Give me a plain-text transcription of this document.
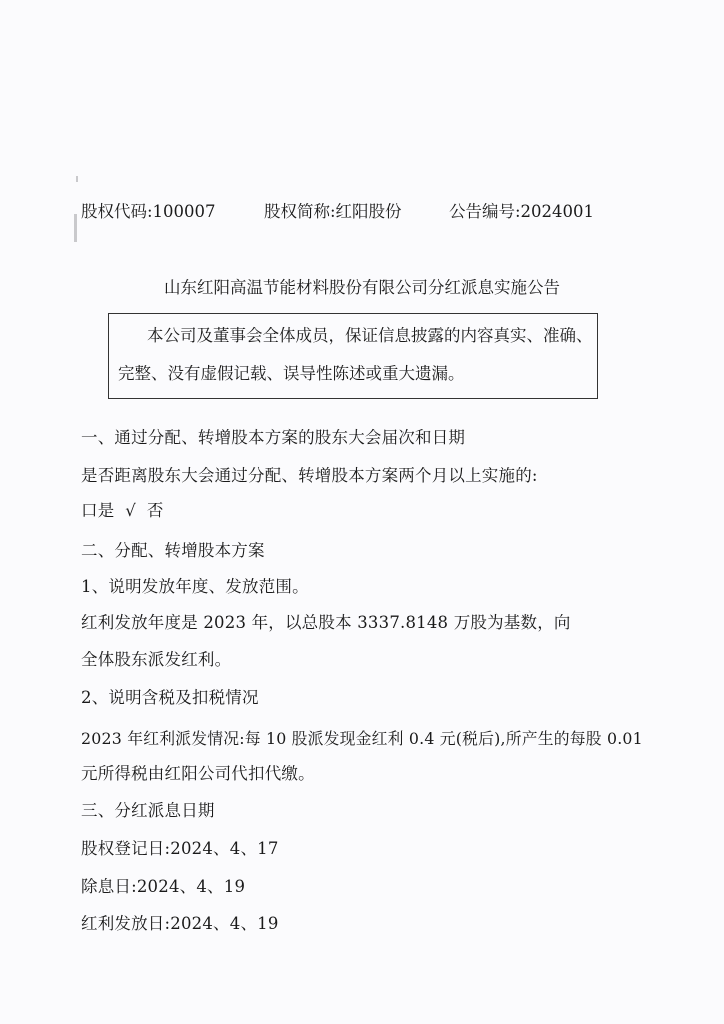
股权代码:100007	股权简称:红阳股份	公告编号:2024001
山东红阳高温节能材料股份有限公司分红派息实施公告
本公司及董事会全体成员，保证信息披露的内容真实、准确、
完整、没有虚假记载、误导性陈述或重大遗漏。
一、通过分配、转增股本方案的股东大会届次和日期
是否距离股东大会通过分配、转增股本方案两个月以上实施的:
口是  √  否
二、分配、转增股本方案
1、说明发放年度、发放范围。
红利发放年度是 2023 年，以总股本 3337.8148 万股为基数，向
全体股东派发红利。
2、说明含税及扣税情况
2023 年红利派发情况:每 10 股派发现金红利 0.4 元(税后),所产生的每股 0.01
元所得税由红阳公司代扣代缴。
三、分红派息日期
股权登记日:2024、4、17
除息日:2024、4、19
红利发放日:2024、4、19
